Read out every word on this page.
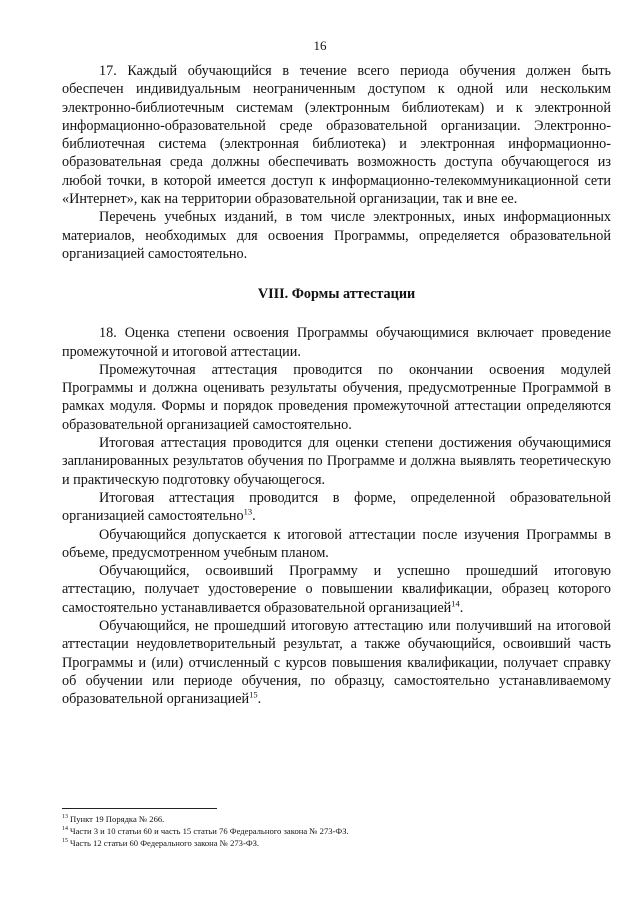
16

17. Каждый обучающийся в течение всего периода обучения должен быть обеспечен индивидуальным неограниченным доступом к одной или нескольким электронно-библиотечным системам (электронным библиотекам) и к электронной информационно-образовательной среде образовательной организации. Электронно-библиотечная система (электронная библиотека) и электронная информационно-образовательная среда должны обеспечивать возможность доступа обучающегося из любой точки, в которой имеется доступ к информационно-телекоммуникационной сети «Интернет», как на территории образовательной организации, так и вне ее.

Перечень учебных изданий, в том числе электронных, иных информационных материалов, необходимых для освоения Программы, определяется образовательной организацией самостоятельно.

VIII. Формы аттестации

18. Оценка степени освоения Программы обучающимися включает проведение промежуточной и итоговой аттестации.

Промежуточная аттестация проводится по окончании освоения модулей Программы и должна оценивать результаты обучения, предусмотренные Программой в рамках модуля. Формы и порядок проведения промежуточной аттестации определяются образовательной организацией самостоятельно.

Итоговая аттестация проводится для оценки степени достижения обучающимися запланированных результатов обучения по Программе и должна выявлять теоретическую и практическую подготовку обучающегося.

Итоговая аттестация проводится в форме, определенной образовательной организацией самостоятельно$^{13}$.

Обучающийся допускается к итоговой аттестации после изучения Программы в объеме, предусмотренном учебным планом.

Обучающийся, освоивший Программу и успешно прошедший итоговую аттестацию, получает удостоверение о повышении квалификации, образец которого самостоятельно устанавливается образовательной организацией$^{14}$.

Обучающийся, не прошедший итоговую аттестацию или получивший на итоговой аттестации неудовлетворительный результат, а также обучающийся, освоивший часть Программы и (или) отчисленный с курсов повышения квалификации, получает справку об обучении или периоде обучения, по образцу, самостоятельно устанавливаемому образовательной организацией$^{15}$.

$^{13}$ Пункт 19 Порядка № 266.

$^{14}$ Части 3 и 10 статьи 60 и часть 15 статьи 76 Федерального закона № 273-ФЗ.

$^{15}$ Часть 12 статьи 60 Федерального закона № 273-ФЗ.
